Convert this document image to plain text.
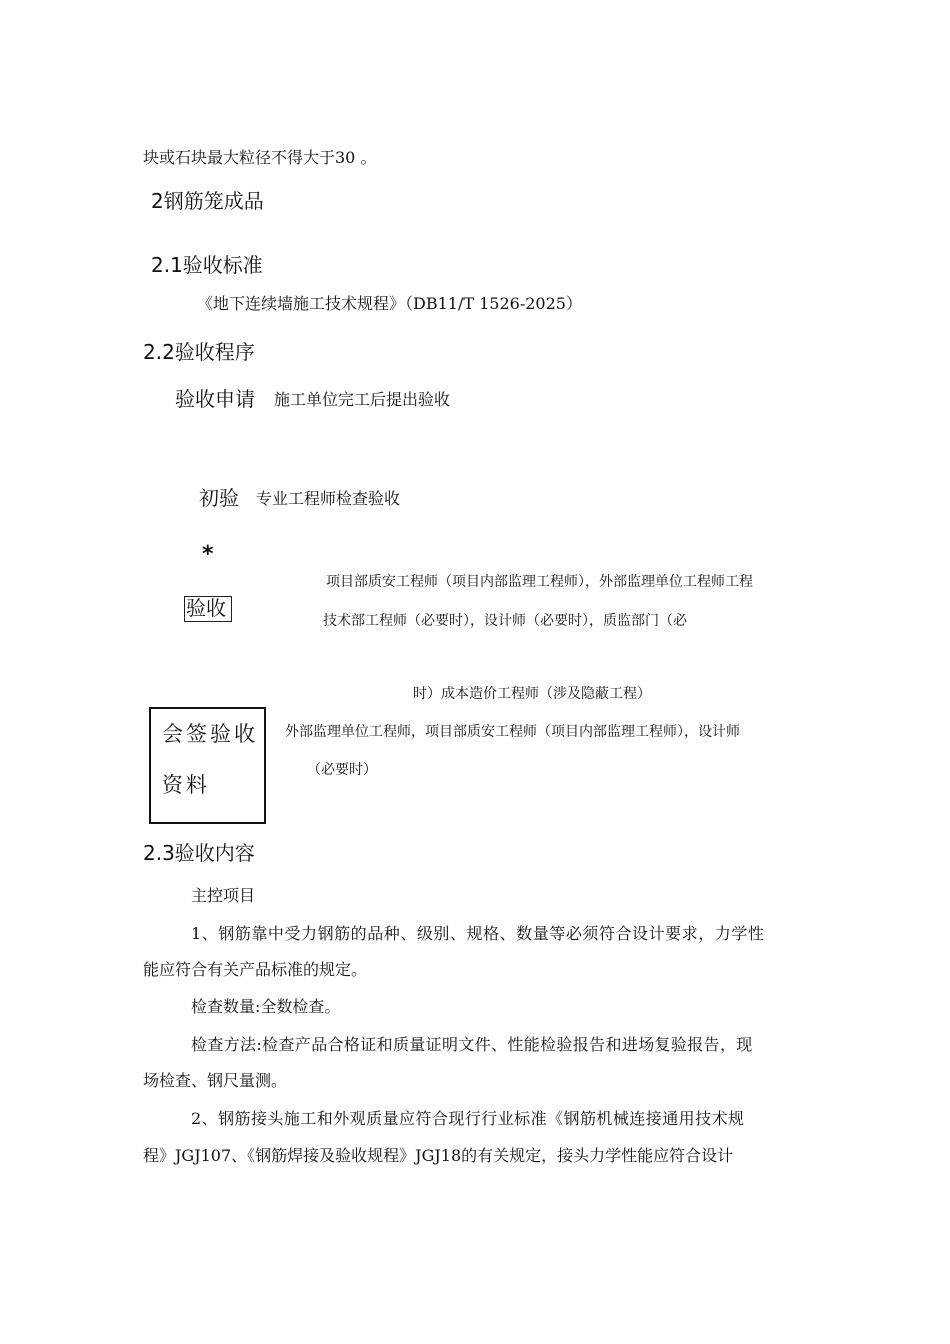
块或石块最大粒径不得大于30 。
2钢筋笼成品
2.1验收标准
《地下连续墙施工技术规程》（DB11/T 1526-2025）
2.2验收程序
验收申请 施工单位完工后提出验收
初验 专业工程师检查验收
*
验收
项目部质安工程师（项目内部监理工程师），外部监理单位工程师工程
技术部工程师（必要时），设计师（必要时），质监部门（必
时）成本造价工程师（涉及隐蔽工程）
会签验收
资料
外部监理单位工程师，项目部质安工程师（项目内部监理工程师），设计师
（必要时）
2.3验收内容
主控项目
1、钢筋靠中受力钢筋的品种、级别、规格、数量等必须符合设计要求，力学性
能应符合有关产品标准的规定。
检查数量:全数检查。
检查方法:检查产品合格证和质量证明文件、性能检验报告和进场复验报告，现
场检查、钢尺量测。
2、钢筋接头施工和外观质量应符合现行行业标准《钢筋机械连接通用技术规
程》JGJ107、《钢筋焊接及验收规程》JGJ18的有关规定，接头力学性能应符合设计
